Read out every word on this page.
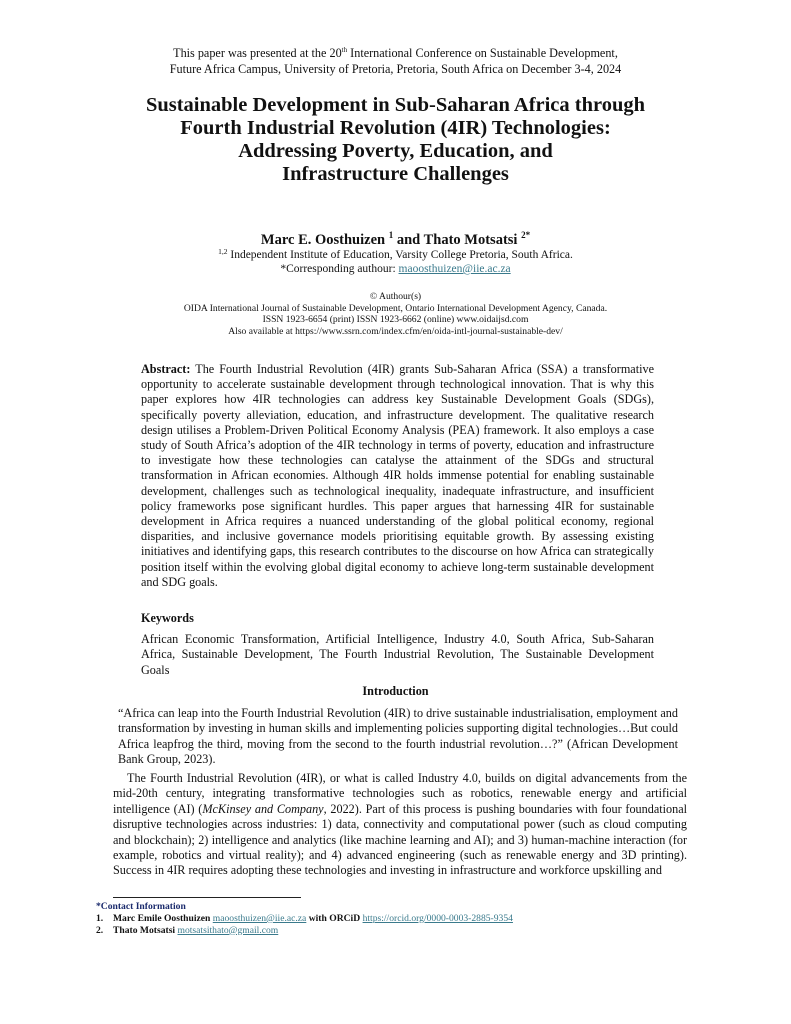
This paper was presented at the 20th International Conference on Sustainable Development,
Future Africa Campus, University of Pretoria, Pretoria, South Africa on December 3-4, 2024
Sustainable Development in Sub-Saharan Africa through
Fourth Industrial Revolution (4IR) Technologies:
Addressing Poverty, Education, and
Infrastructure Challenges
Marc E. Oosthuizen $^1$ and Thato Motsatsi $^{2*}$
$^{1,2}$ Independent Institute of Education, Varsity College Pretoria, South Africa.
*Corresponding authour: maoosthuizen@iie.ac.za
© Authour(s)
OIDA International Journal of Sustainable Development, Ontario International Development Agency, Canada.
ISSN 1923-6654 (print) ISSN 1923-6662 (online) www.oidaijsd.com
Also available at https://www.ssrn.com/index.cfm/en/oida-intl-journal-sustainable-dev/

Abstract: The Fourth Industrial Revolution (4IR) grants Sub-Saharan Africa (SSA) a transformative opportunity to accelerate sustainable development through technological innovation. That is why this paper explores how 4IR technologies can address key Sustainable Development Goals (SDGs), specifically poverty alleviation, education, and infrastructure development. The qualitative research design utilises a Problem-Driven Political Economy Analysis (PEA) framework. It also employs a case study of South Africa’s adoption of the 4IR technology in terms of poverty, education and infrastructure to investigate how these technologies can catalyse the attainment of the SDGs and structural transformation in African economies. Although 4IR holds immense potential for enabling sustainable development, challenges such as technological inequality, inadequate infrastructure, and insufficient policy frameworks pose significant hurdles. This paper argues that harnessing 4IR for sustainable development in Africa requires a nuanced understanding of the global political economy, regional disparities, and inclusive governance models prioritising equitable growth. By assessing existing initiatives and identifying gaps, this research contributes to the discourse on how Africa can strategically position itself within the evolving global digital economy to achieve long-term sustainable development and SDG goals.

Keywords

African Economic Transformation, Artificial Intelligence, Industry 4.0, South Africa, Sub-Saharan Africa, Sustainable Development, The Fourth Industrial Revolution, The Sustainable Development Goals

Introduction

“Africa can leap into the Fourth Industrial Revolution (4IR) to drive sustainable industrialisation, employment and transformation by investing in human skills and implementing policies supporting digital technologies…But could Africa leapfrog the third, moving from the second to the fourth industrial revolution…?” (African Development Bank Group, 2023).

The Fourth Industrial Revolution (4IR), or what is called Industry 4.0, builds on digital advancements from the mid-20th century, integrating transformative technologies such as robotics, renewable energy and artificial intelligence (AI) (McKinsey and Company, 2022). Part of this process is pushing boundaries with four foundational disruptive technologies across industries: 1) data, connectivity and computational power (such as cloud computing and blockchain); 2) intelligence and analytics (like machine learning and AI); and 3) human-machine interaction (for example, robotics and virtual reality); and 4) advanced engineering (such as renewable energy and 3D printing). Success in 4IR requires adopting these technologies and investing in infrastructure and workforce upskilling and

*Contact Information
1.	Marc Emile Oosthuizen maoosthuizen@iie.ac.za with ORCiD https://orcid.org/0000-0003-2885-9354
2.	Thato Motsatsi motsatsithato@gmail.com
